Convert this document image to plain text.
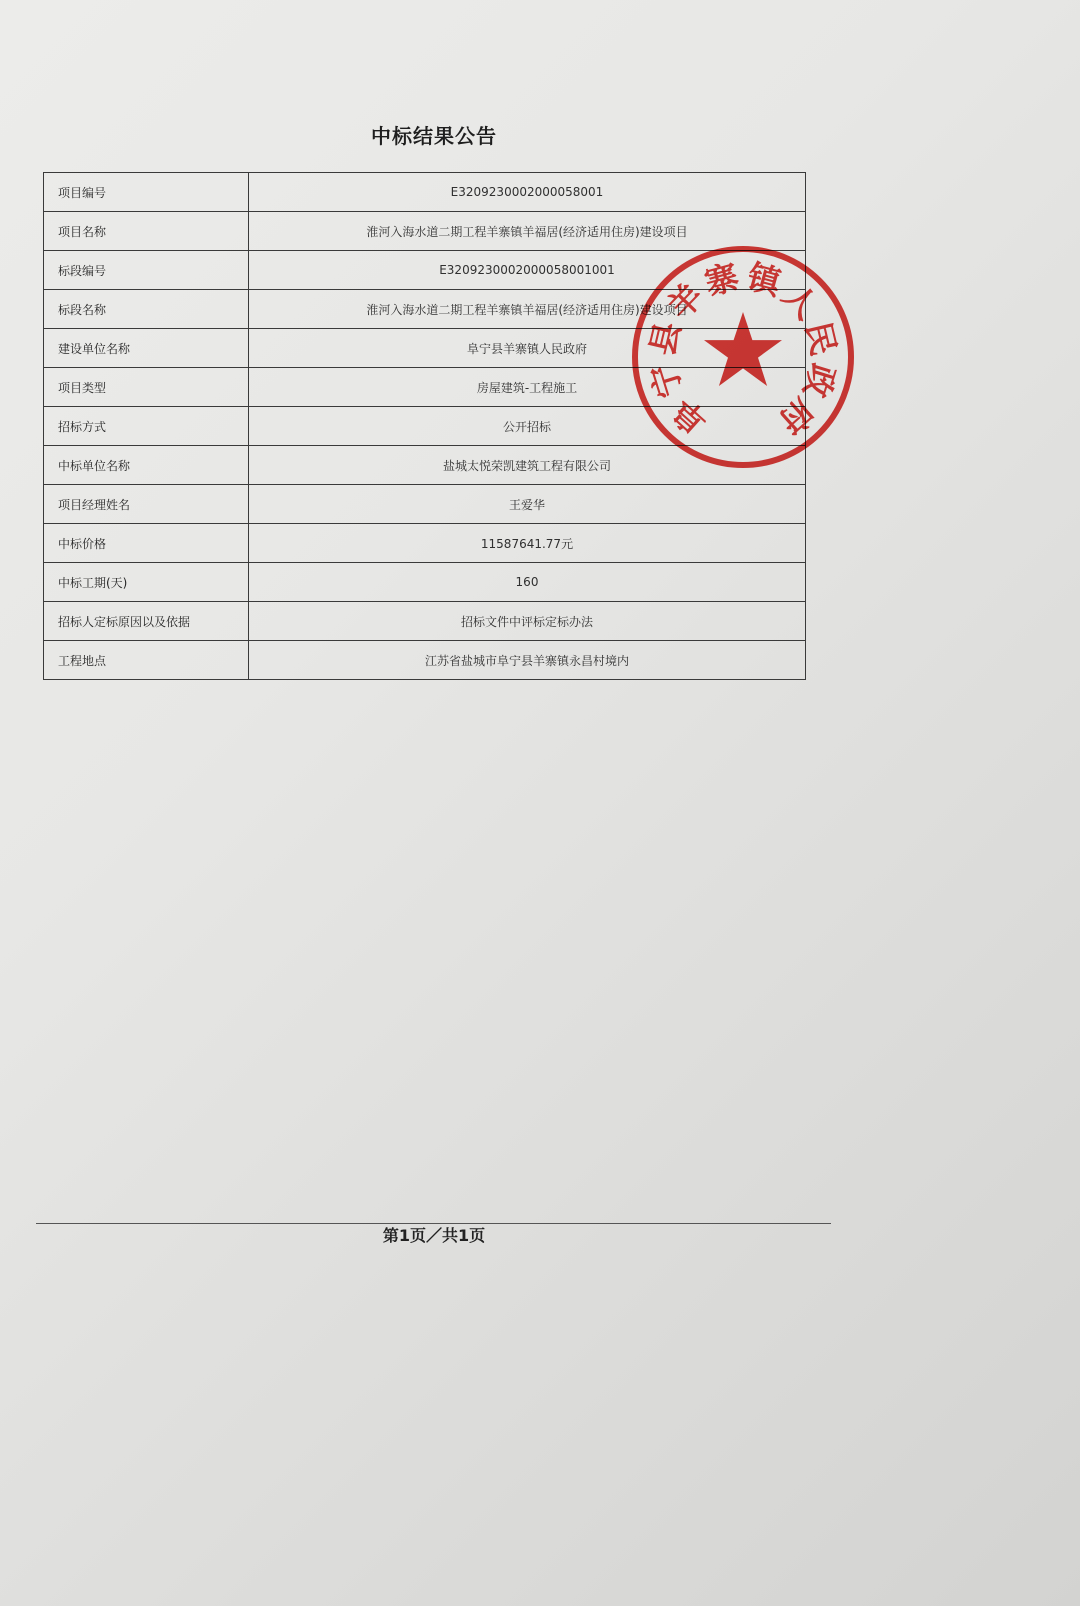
中标结果公告
项目编号	E3209230002000058001
项目名称	淮河入海水道二期工程羊寨镇羊福居(经济适用住房)建设项目
标段编号	E3209230002000058001001
标段名称	淮河入海水道二期工程羊寨镇羊福居(经济适用住房)建设项目
建设单位名称	阜宁县羊寨镇人民政府
项目类型	房屋建筑-工程施工
招标方式	公开招标
中标单位名称	盐城太悦荣凯建筑工程有限公司
项目经理姓名	王爱华
中标价格	11587641.77元
中标工期(天)	160
招标人定标原因以及依据	招标文件中评标定标办法
工程地点	江苏省盐城市阜宁县羊寨镇永昌村境内
阜
宁
县
羊
寨 镇
人
民
政
府
第1页／共1页
